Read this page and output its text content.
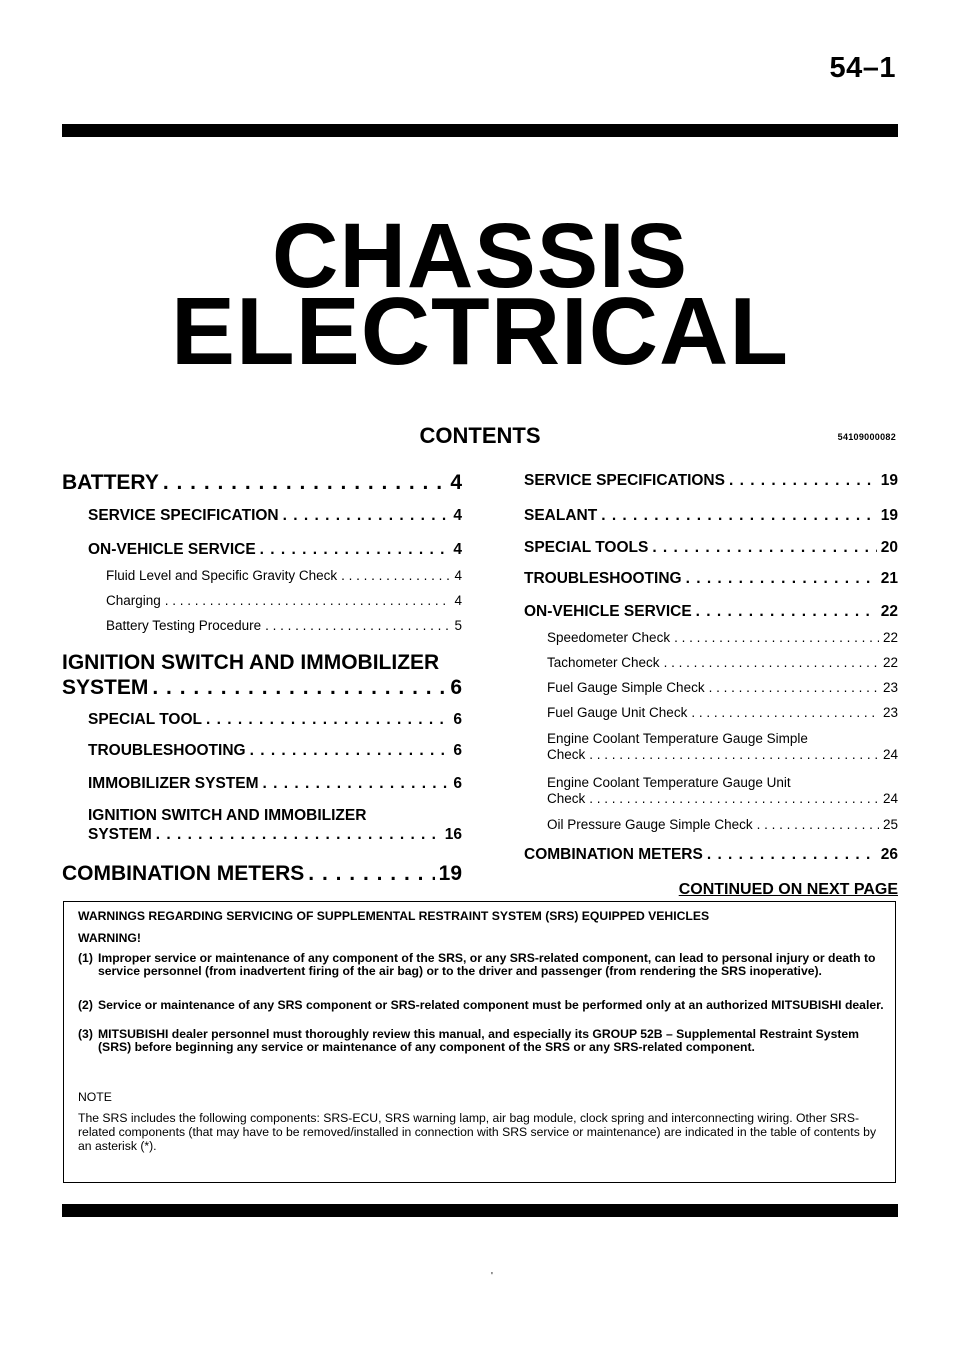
54–1
CHASSIS
ELECTRICAL
CONTENTS	54109000082
BATTERY . . .	4
SERVICE SPECIFICATION . . .	4
ON-VEHICLE SERVICE . . .	4
Fluid Level and Specific Gravity Check . . .	4
Charging . . .	4
Battery Testing Procedure . . .	5
IGNITION SWITCH AND IMMOBILIZER
SYSTEM . . .	6
SPECIAL TOOL . . .	6
TROUBLESHOOTING . . .	6
IMMOBILIZER SYSTEM . . .	6
IGNITION SWITCH AND IMMOBILIZER
SYSTEM . . .	16
COMBINATION METERS . . .	19
SERVICE SPECIFICATIONS . . .	19
SEALANT . . .	19
SPECIAL TOOLS . . .	20
TROUBLESHOOTING . . .	21
ON-VEHICLE SERVICE . . .	22
Speedometer Check . . .	22
Tachometer Check . . .	22
Fuel Gauge Simple Check . . .	23
Fuel Gauge Unit Check . . .	23
Engine Coolant Temperature Gauge Simple
Check . . .	24
Engine Coolant Temperature Gauge Unit
Check . . .	24
Oil Pressure Gauge Simple Check . . .	25
COMBINATION METERS . . .	26
CONTINUED ON NEXT PAGE
WARNINGS REGARDING SERVICING OF SUPPLEMENTAL RESTRAINT SYSTEM (SRS) EQUIPPED VEHICLES
WARNING!
(1) Improper service or maintenance of any component of the SRS, or any SRS-related component, can lead to personal injury or death to service personnel (from inadvertent firing of the air bag) or to the driver and passenger (from rendering the SRS inoperative).
(2) Service or maintenance of any SRS component or SRS-related component must be performed only at an authorized MITSUBISHI dealer.
(3) MITSUBISHI dealer personnel must thoroughly review this manual, and especially its GROUP 52B – Supplemental Restraint System (SRS) before beginning any service or maintenance of any component of the SRS or any SRS-related component.
NOTE
The SRS includes the following components: SRS-ECU, SRS warning lamp, air bag module, clock spring and interconnecting wiring. Other SRS-related components (that may have to be removed/installed in connection with SRS service or maintenance) are indicated in the table of contents by an asterisk (*).
'
